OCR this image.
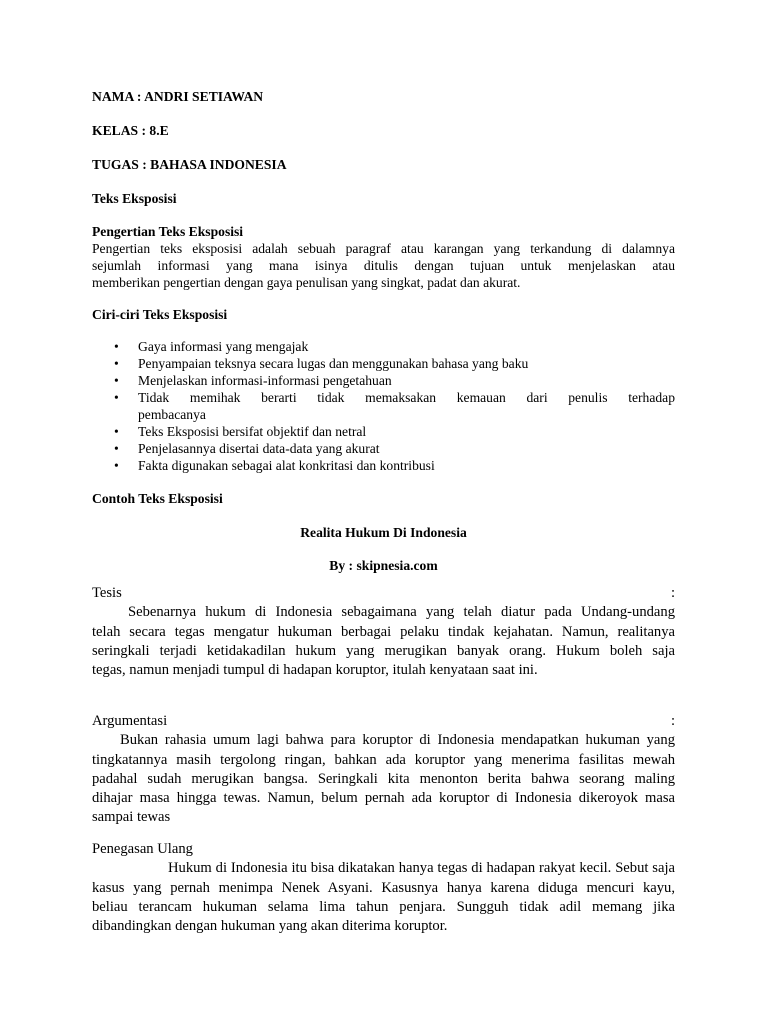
NAMA : ANDRI SETIAWAN
KELAS : 8.E
TUGAS : BAHASA INDONESIA
Teks Eksposisi
Pengertian Teks Eksposisi
Pengertian teks eksposisi adalah sebuah paragraf atau karangan yang terkandung di dalamnya
sejumlah informasi yang mana isinya ditulis dengan tujuan untuk menjelaskan atau
memberikan pengertian dengan gaya penulisan yang singkat, padat dan akurat.
Ciri-ciri Teks Eksposisi
• Gaya informasi yang mengajak
• Penyampaian teksnya secara lugas dan menggunakan bahasa yang baku
• Menjelaskan informasi-informasi pengetahuan
• Tidak memihak berarti tidak memaksakan kemauan dari penulis terhadap
pembacanya
• Teks Eksposisi bersifat objektif dan netral
• Penjelasannya disertai data-data yang akurat
• Fakta digunakan sebagai alat konkritasi dan kontribusi
Contoh Teks Eksposisi
Realita Hukum Di Indonesia
By : skipnesia.com
Tesis	:
Sebenarnya hukum di Indonesia sebagaimana yang telah diatur pada Undang-undang
telah secara tegas mengatur hukuman berbagai pelaku tindak kejahatan. Namun, realitanya
seringkali terjadi ketidakadilan hukum yang merugikan banyak orang. Hukum boleh saja
tegas, namun menjadi tumpul di hadapan koruptor, itulah kenyataan saat ini.
Argumentasi	:
Bukan rahasia umum lagi bahwa para koruptor di Indonesia mendapatkan hukuman yang
tingkatannya masih tergolong ringan, bahkan ada koruptor yang menerima fasilitas mewah
padahal sudah merugikan bangsa. Seringkali kita menonton berita bahwa seorang maling
dihajar masa hingga tewas. Namun, belum pernah ada koruptor di Indonesia dikeroyok masa
sampai tewas
Penegasan Ulang
Hukum di Indonesia itu bisa dikatakan hanya tegas di hadapan rakyat kecil. Sebut saja
kasus yang pernah menimpa Nenek Asyani. Kasusnya hanya karena diduga mencuri kayu,
beliau terancam hukuman selama lima tahun penjara. Sungguh tidak adil memang jika
dibandingkan dengan hukuman yang akan diterima koruptor.
